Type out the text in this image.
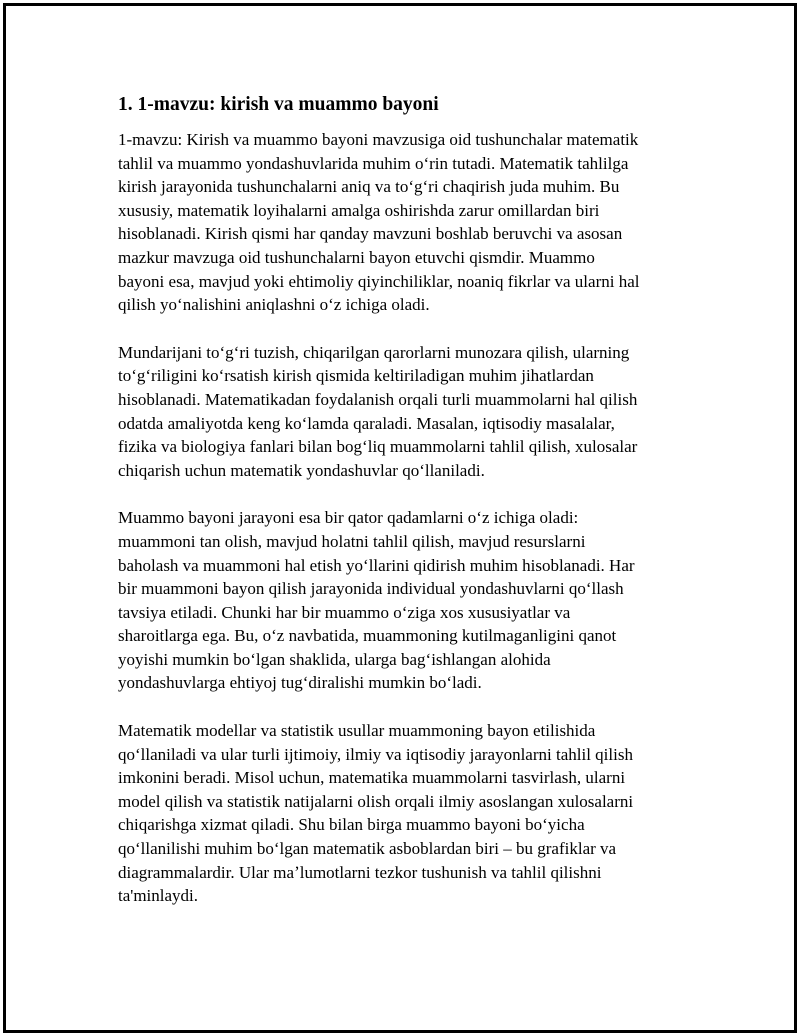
1. 1-mavzu: kirish va muammo bayoni

1-mavzu: Kirish va muammo bayoni mavzusiga oid tushunchalar matematik
tahlil va muammo yondashuvlarida muhim oʻrin tutadi. Matematik tahlilga
kirish jarayonida tushunchalarni aniq va toʻgʻri chaqirish juda muhim. Bu
xususiy, matematik loyihalarni amalga oshirishda zarur omillardan biri
hisoblanadi. Kirish qismi har qanday mavzuni boshlab beruvchi va asosan
mazkur mavzuga oid tushunchalarni bayon etuvchi qismdir. Muammo
bayoni esa, mavjud yoki ehtimoliy qiyinchiliklar, noaniq fikrlar va ularni hal
qilish yoʻnalishini aniqlashni oʻz ichiga oladi.

Mundarijani toʻgʻri tuzish, chiqarilgan qarorlarni munozara qilish, ularning
toʻgʻriligini koʻrsatish kirish qismida keltiriladigan muhim jihatlardan
hisoblanadi. Matematikadan foydalanish orqali turli muammolarni hal qilish
odatda amaliyotda keng koʻlamda qaraladi. Masalan, iqtisodiy masalalar,
fizika va biologiya fanlari bilan bogʻliq muammolarni tahlil qilish, xulosalar
chiqarish uchun matematik yondashuvlar qoʻllaniladi.

Muammo bayoni jarayoni esa bir qator qadamlarni oʻz ichiga oladi:
muammoni tan olish, mavjud holatni tahlil qilish, mavjud resurslarni
baholash va muammoni hal etish yoʻllarini qidirish muhim hisoblanadi. Har
bir muammoni bayon qilish jarayonida individual yondashuvlarni qoʻllash
tavsiya etiladi. Chunki har bir muammo oʻziga xos xususiyatlar va
sharoitlarga ega. Bu, oʻz navbatida, muammoning kutilmaganligini qanot
yoyishi mumkin boʻlgan shaklida, ularga bagʻishlangan alohida
yondashuvlarga ehtiyoj tugʻdiralishi mumkin boʻladi.

Matematik modellar va statistik usullar muammoning bayon etilishida
qoʻllaniladi va ular turli ijtimoiy, ilmiy va iqtisodiy jarayonlarni tahlil qilish
imkonini beradi. Misol uchun, matematika muammolarni tasvirlash, ularni
model qilish va statistik natijalarni olish orqali ilmiy asoslangan xulosalarni
chiqarishga xizmat qiladi. Shu bilan birga muammo bayoni boʻyicha
qoʻllanilishi muhim boʻlgan matematik asboblardan biri – bu grafiklar va
diagrammalardir. Ular maʼlumotlarni tezkor tushunish va tahlil qilishni
ta'minlaydi.
